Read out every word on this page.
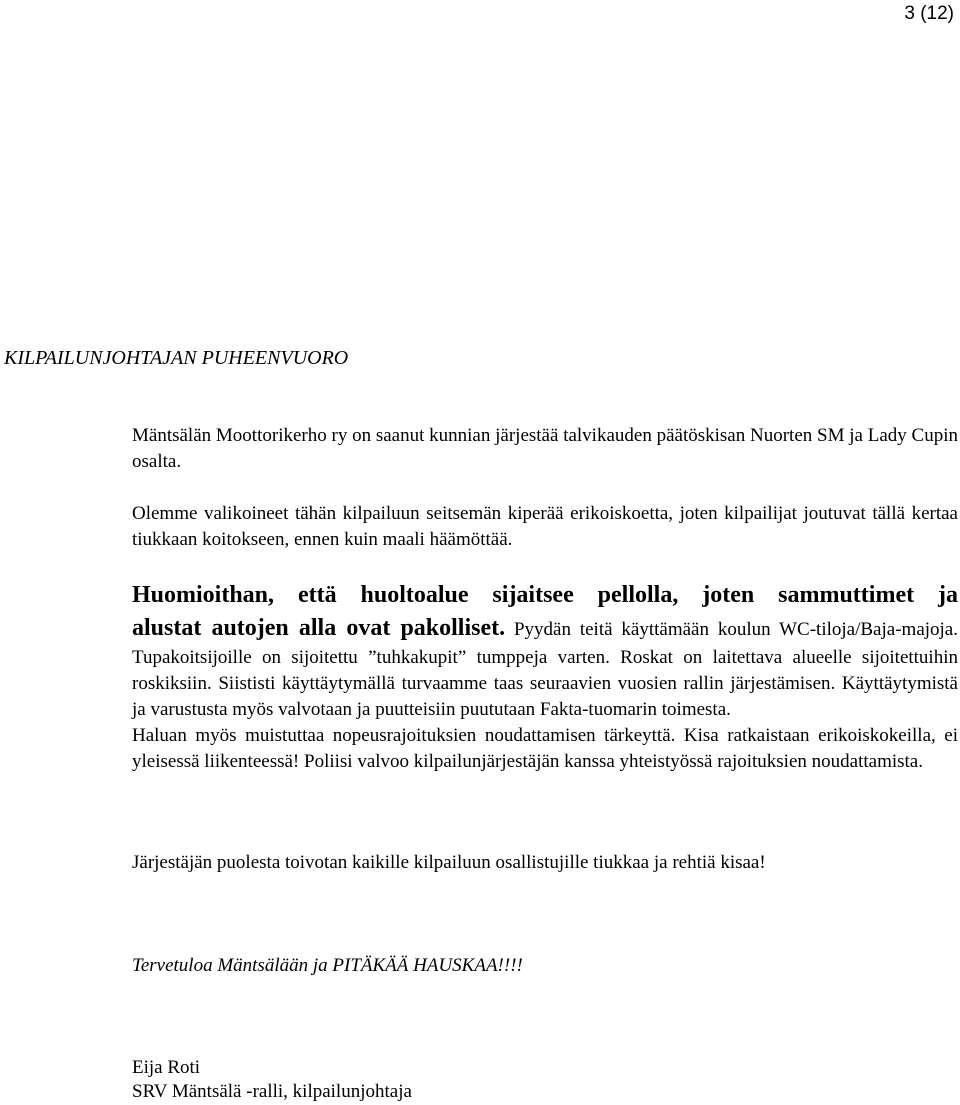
3 (12)
KILPAILUNJOHTAJAN PUHEENVUORO

Mäntsälän Moottorikerho ry on saanut kunnian järjestää talvikauden päätöskisan Nuorten SM ja Lady Cupin osalta.

Olemme valikoineet tähän kilpailuun seitsemän kiperää erikoiskoetta, joten kilpailijat joutuvat tällä kertaa tiukkaan koitokseen, ennen kuin maali häämöttää.

Huomioithan, että huoltoalue sijaitsee pellolla, joten sammuttimet ja

alustat autojen alla ovat pakolliset. Pyydän teitä käyttämään koulun WC-tiloja/Baja-majoja. Tupakoitsijoille on sijoitettu ”tuhkakupit” tumppeja varten. Roskat on laitettava alueelle sijoitettuihin roskiksiin. Siististi käyttäytymällä turvaamme taas seuraavien vuosien rallin järjestämisen. Käyttäytymistä ja varustusta myös valvotaan ja puutteisiin puututaan Fakta-tuomarin toimesta.

Haluan myös muistuttaa nopeusrajoituksien noudattamisen tärkeyttä. Kisa ratkaistaan erikoiskokeilla, ei yleisessä liikenteessä! Poliisi valvoo kilpailunjärjestäjän kanssa yhteistyössä rajoituksien noudattamista.

Järjestäjän puolesta toivotan kaikille kilpailuun osallistujille tiukkaa ja rehtiä kisaa!

Tervetuloa Mäntsälään ja PITÄKÄÄ HAUSKAA!!!!

Eija Roti
SRV Mäntsälä -ralli, kilpailunjohtaja
